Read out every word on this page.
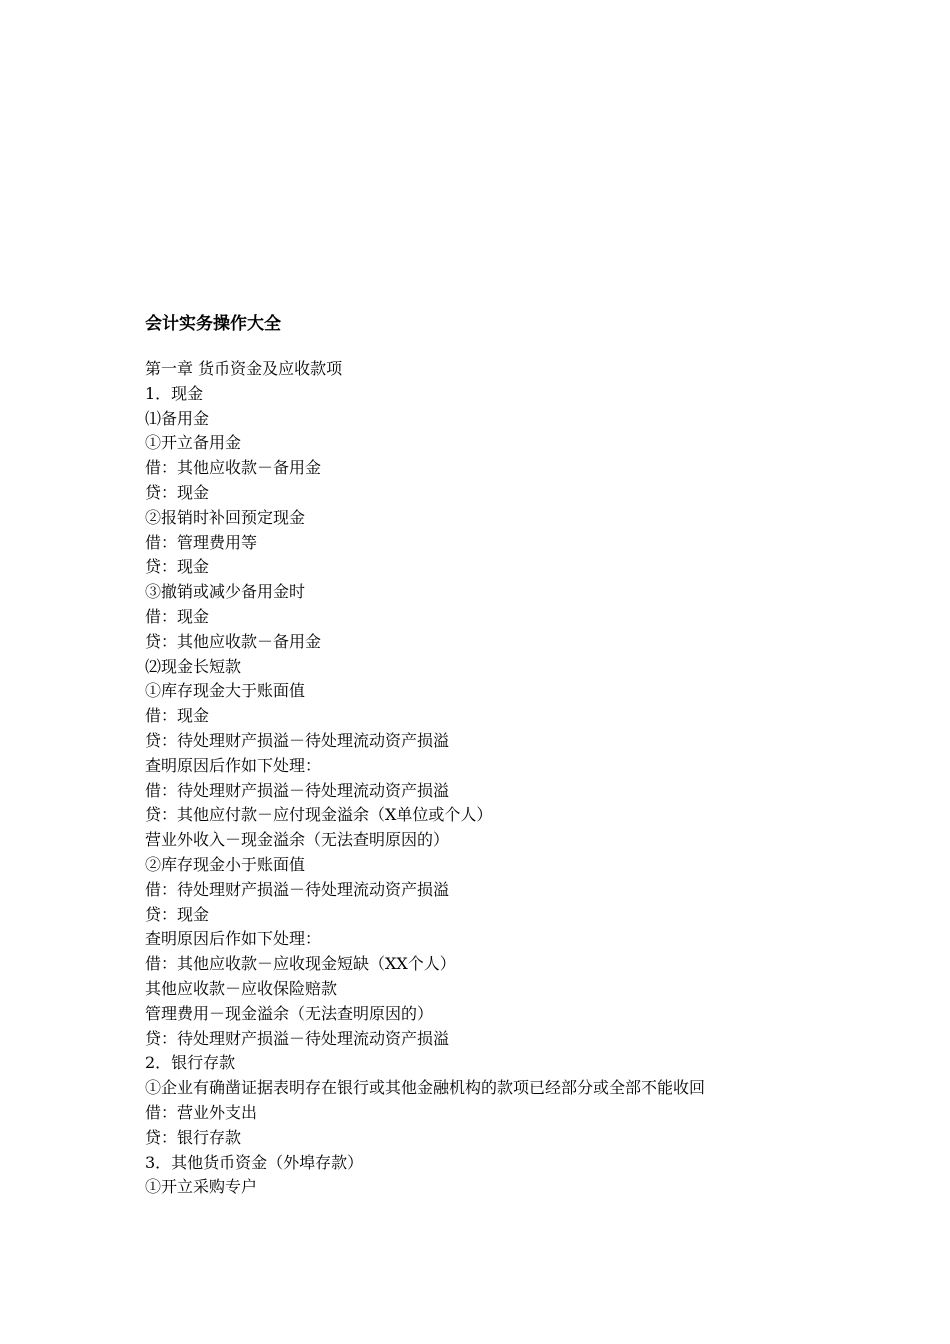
会计实务操作大全
第一章 货币资金及应收款项
1．现金
⑴备用金
①开立备用金
借：其他应收款－备用金
贷：现金
②报销时补回预定现金
借：管理费用等
贷：现金
③撤销或减少备用金时
借：现金
贷：其他应收款－备用金
⑵现金长短款
①库存现金大于账面值
借：现金
贷：待处理财产损溢－待处理流动资产损溢
查明原因后作如下处理：
借：待处理财产损溢－待处理流动资产损溢
贷：其他应付款－应付现金溢余（X单位或个人）
营业外收入－现金溢余（无法查明原因的）
②库存现金小于账面值
借：待处理财产损溢－待处理流动资产损溢
贷：现金
查明原因后作如下处理：
借：其他应收款－应收现金短缺（XX个人）
其他应收款－应收保险赔款
管理费用－现金溢余（无法查明原因的）
贷：待处理财产损溢－待处理流动资产损溢
2．银行存款
①企业有确凿证据表明存在银行或其他金融机构的款项已经部分或全部不能收回
借：营业外支出
贷：银行存款
3．其他货币资金（外埠存款）
①开立采购专户
